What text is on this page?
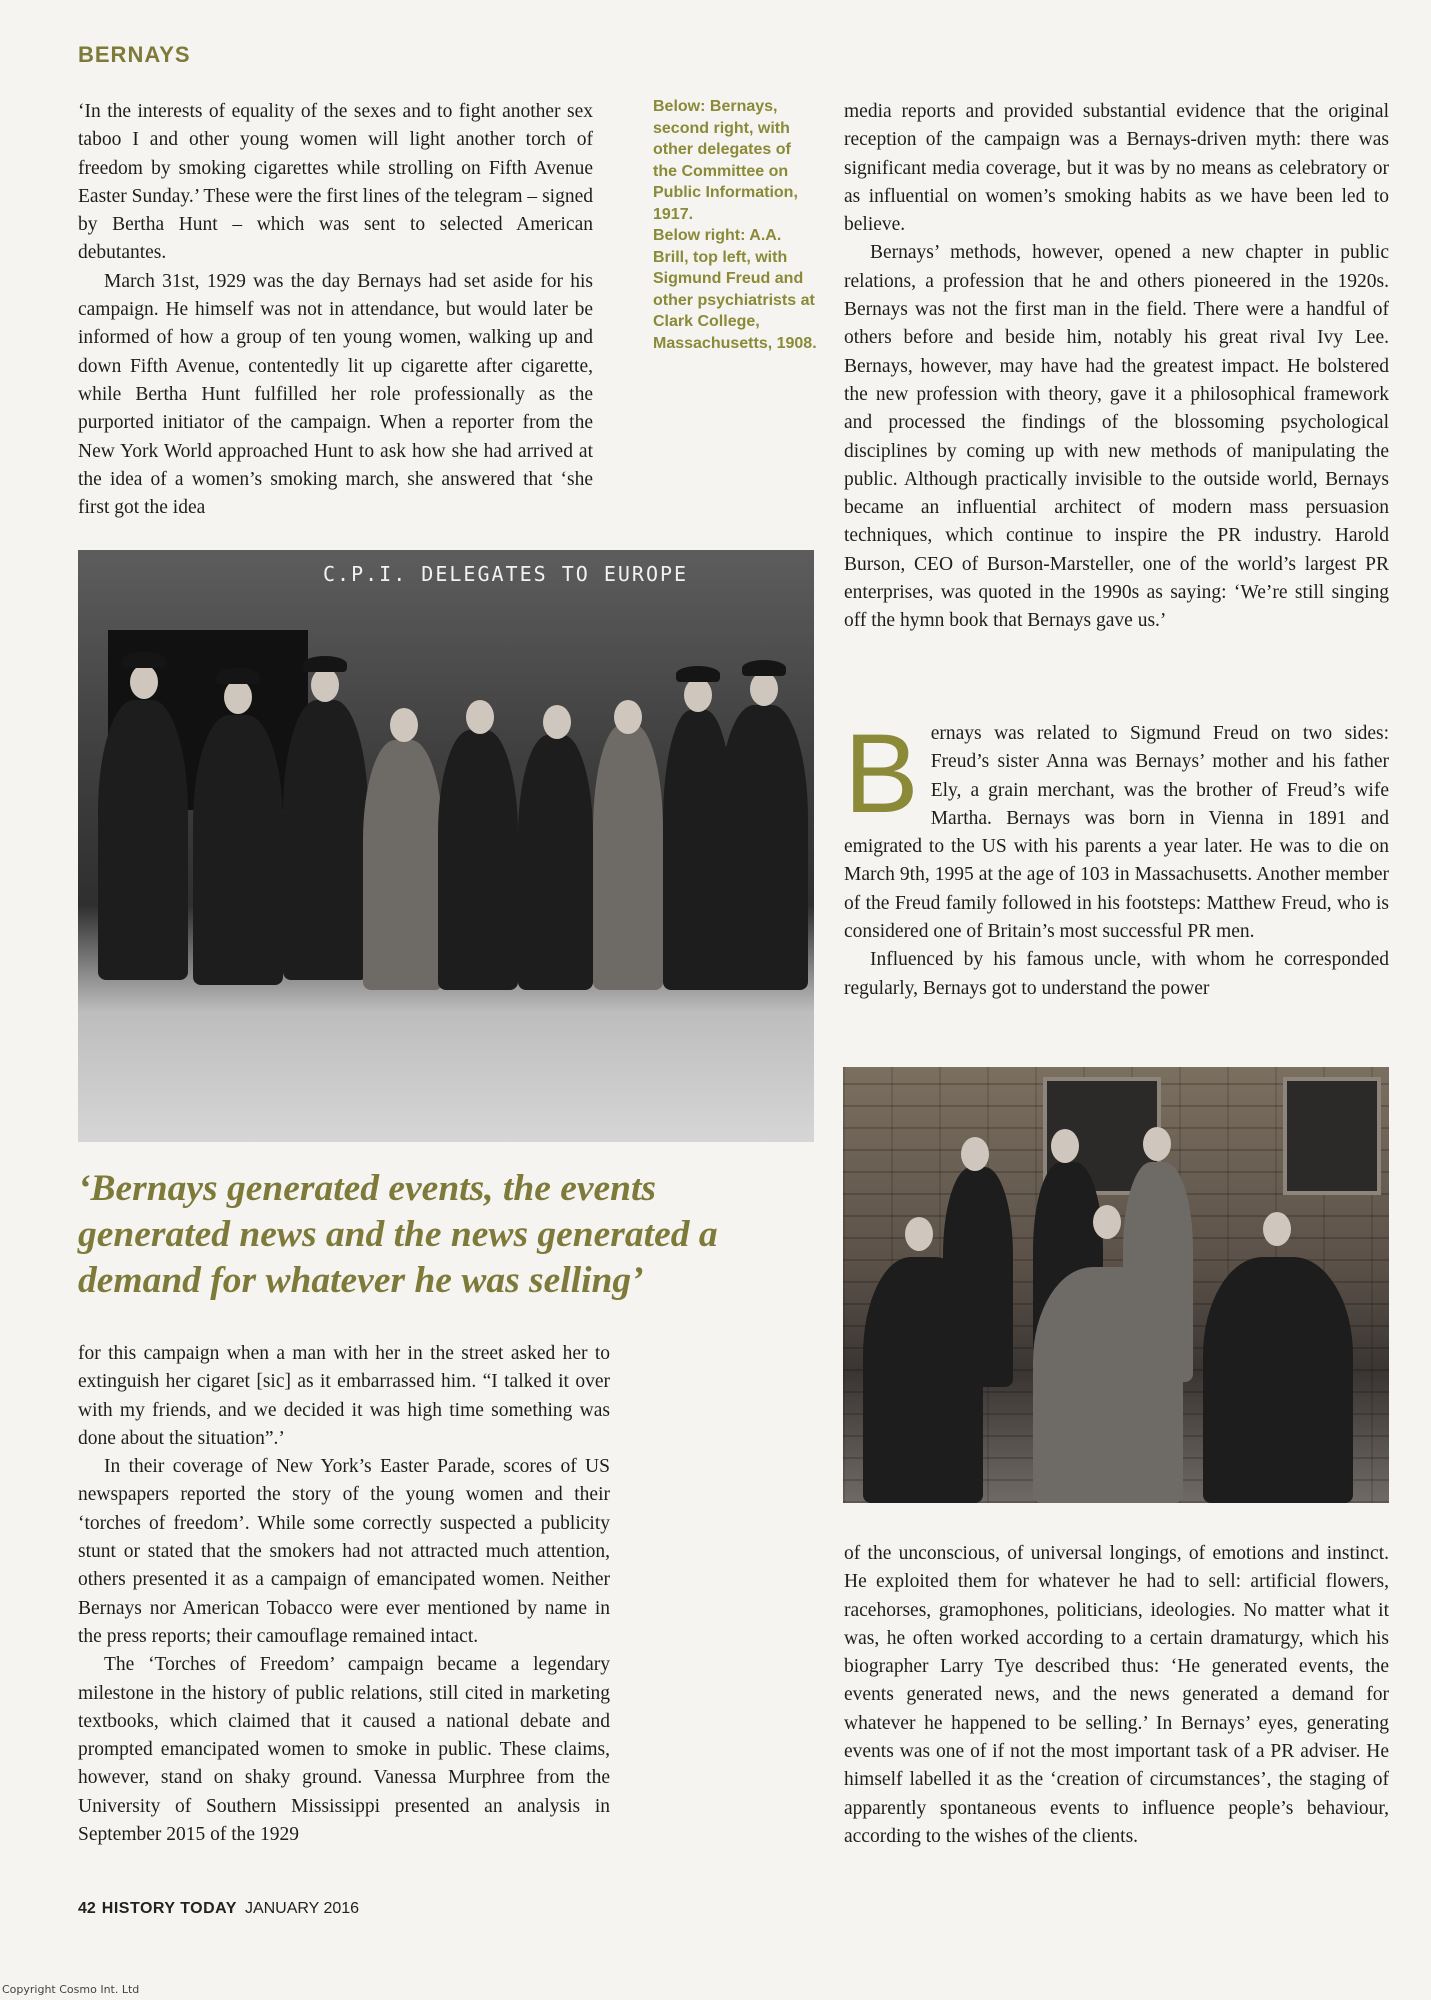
BERNAYS

‘In the interests of equality of the sexes and to fight another sex taboo I and other young women will light another torch of freedom by smoking cigarettes while strolling on Fifth Avenue Easter Sunday.’ These were the first lines of the telegram – signed by Bertha Hunt – which was sent to selected American debutantes.

March 31st, 1929 was the day Bernays had set aside for his campaign. He himself was not in attendance, but would later be informed of how a group of ten young women, walking up and down Fifth Avenue, contentedly lit up cigarette after cigarette, while Bertha Hunt fulfilled her role professionally as the purported initiator of the campaign. When a reporter from the New York World approached Hunt to ask how she had arrived at the idea of a women’s smoking march, she answered that ‘she first got the idea

Below: Bernays, second right, with other delegates of the Committee on Public Information, 1917.
Below right: A.A. Brill, top left, with Sigmund Freud and other psychiatrists at Clark College, Massachusetts, 1908.

media reports and provided substantial evidence that the original reception of the campaign was a Bernays-driven myth: there was significant media coverage, but it was by no means as celebratory or as influential on women’s smoking habits as we have been led to believe.

Bernays’ methods, however, opened a new chapter in public relations, a profession that he and others pioneered in the 1920s. Bernays was not the first man in the field. There were a handful of others before and beside him, notably his great rival Ivy Lee. Bernays, however, may have had the greatest impact. He bolstered the new profession with theory, gave it a philosophical framework and processed the findings of the blossoming psychological disciplines by coming up with new methods of manipulating the public. Although practically invisible to the outside world, Bernays became an influential architect of modern mass persuasion techniques, which continue to inspire the PR industry. Harold Burson, CEO of Burson-Marsteller, one of the world’s largest PR enterprises, was quoted in the 1990s as saying: ‘We’re still singing off the hymn book that Bernays gave us.’

C.P.I. DELEGATES TO EUROPE

Bernays was related to Sigmund Freud on two sides: Freud’s sister Anna was Bernays’ mother and his father Ely, a grain merchant, was the brother of Freud’s wife Martha. Bernays was born in Vienna in 1891 and emigrated to the US with his parents a year later. He was to die on March 9th, 1995 at the age of 103 in Massachusetts. Another member of the Freud family followed in his footsteps: Matthew Freud, who is considered one of Britain’s most successful PR men.

Influenced by his famous uncle, with whom he corresponded regularly, Bernays got to understand the power

‘Bernays generated events, the events generated news and the news generated a demand for whatever he was selling’

for this campaign when a man with her in the street asked her to extinguish her cigaret [sic] as it embarrassed him. “I talked it over with my friends, and we decided it was high time something was done about the situation”.’

In their coverage of New York’s Easter Parade, scores of US newspapers reported the story of the young women and their ‘torches of freedom’. While some correctly suspected a publicity stunt or stated that the smokers had not attracted much attention, others presented it as a campaign of emancipated women. Neither Bernays nor American Tobacco were ever mentioned by name in the press reports; their camouflage remained intact.

The ‘Torches of Freedom’ campaign became a legendary milestone in the history of public relations, still cited in marketing textbooks, which claimed that it caused a national debate and prompted emancipated women to smoke in public. These claims, however, stand on shaky ground. Vanessa Murphree from the University of Southern Mississippi presented an analysis in September 2015 of the 1929

of the unconscious, of universal longings, of emotions and instinct. He exploited them for whatever he had to sell: artificial flowers, racehorses, gramophones, politicians, ideologies. No matter what it was, he often worked according to a certain dramaturgy, which his biographer Larry Tye described thus: ‘He generated events, the events generated news, and the news generated a demand for whatever he happened to be selling.’ In Bernays’ eyes, generating events was one of if not the most important task of a PR adviser. He himself labelled it as the ‘creation of circumstances’, the staging of apparently spontaneous events to influence people’s behaviour, according to the wishes of the clients.

42 HISTORY TODAY JANUARY 2016
Copyright Cosmo Int. Ltd
